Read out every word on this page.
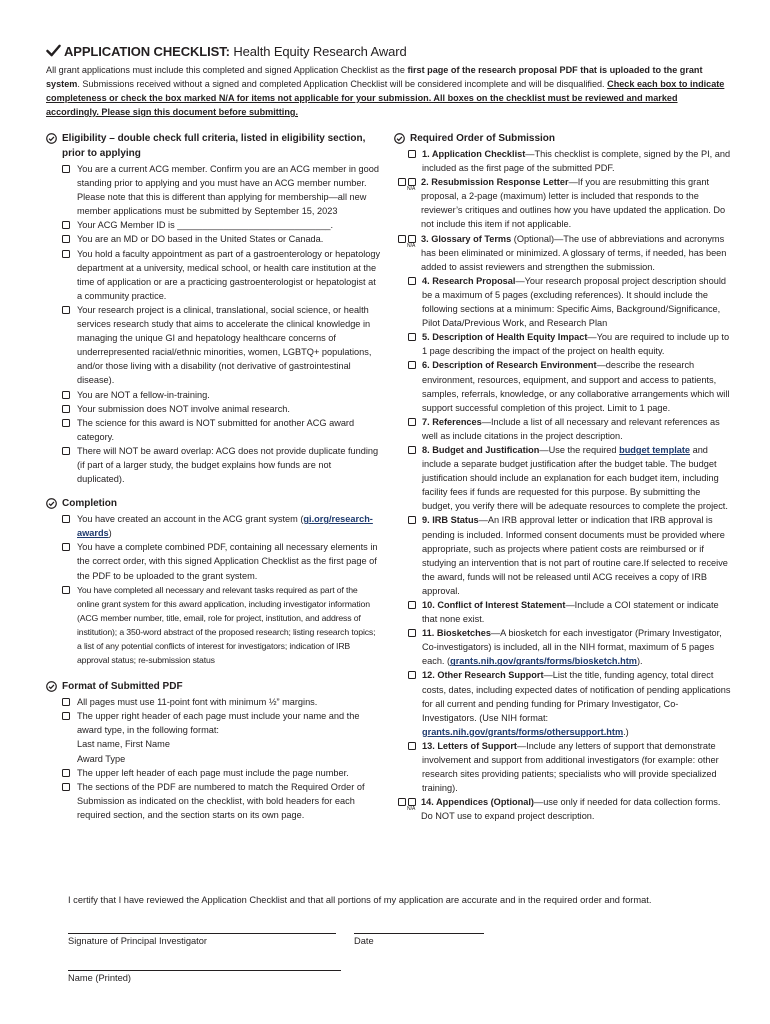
APPLICATION CHECKLIST: Health Equity Research Award
All grant applications must include this completed and signed Application Checklist as the first page of the research proposal PDF that is uploaded to the grant system. Submissions received without a signed and completed Application Checklist will be considered incomplete and will be disqualified. Check each box to indicate completeness or check the box marked N/A for items not applicable for your submission. All boxes on the checklist must be reviewed and marked accordingly. Please sign this document before submitting.
Eligibility – double check full criteria, listed in eligibility section, prior to applying
You are a current ACG member. Confirm you are an ACG member in good standing prior to applying and you must have an ACG member number. Please note that this is different than applying for membership—all new member applications must be submitted by September 15, 2023
Your ACG Member ID is ______________________________.
You are an MD or DO based in the United States or Canada.
You hold a faculty appointment as part of a gastroenterology or hepatology department at a university, medical school, or health care institution at the time of application or are a practicing gastroenterologist or hepatologist at a community practice.
Your research project is a clinical, translational, social science, or health services research study that aims to accelerate the clinical knowledge in managing the unique GI and hepatology healthcare concerns of underrepresented racial/ethnic minorities, women, LGBTQ+ populations, and/or those living with a disability (not derivative of gastrointestinal disease).
You are NOT a fellow-in-training.
Your submission does NOT involve animal research.
The science for this award is NOT submitted for another ACG award category.
There will NOT be award overlap: ACG does not provide duplicate funding (if part of a larger study, the budget explains how funds are not duplicated).
Completion
You have created an account in the ACG grant system (gi.org/research-awards)
You have a complete combined PDF, containing all necessary elements in the correct order, with this signed Application Checklist as the first page of the PDF to be uploaded to the grant system.
You have completed all necessary and relevant tasks required as part of the online grant system for this award application, including investigator information (ACG member number, title, email, role for project, institution, and address of institution); a 350-word abstract of the proposed research; listing research topics; a list of any potential conflicts of interest for investigators; indication of IRB approval status; re-submission status
Format of Submitted PDF
All pages must use 11-point font with minimum ½” margins.
The upper right header of each page must include your name and the award type, in the following format:
Last name, First Name
Award Type
The upper left header of each page must include the page number.
The sections of the PDF are numbered to match the Required Order of Submission as indicated on the checklist, with bold headers for each required section, and the section starts on its own page.
Required Order of Submission
1. Application Checklist—This checklist is complete, signed by the PI, and included as the first page of the submitted PDF.
N/A
2. Resubmission Response Letter—If you are resubmitting this grant proposal, a 2-page (maximum) letter is included that responds to the reviewer’s critiques and outlines how you have updated the application. Do not include this item if not applicable.
N/A
3. Glossary of Terms (Optional)—The use of abbreviations and acronyms has been eliminated or minimized. A glossary of terms, if needed, has been added to assist reviewers and strengthen the submission.
4. Research Proposal—Your research proposal project description should be a maximum of 5 pages (excluding references). It should include the following sections at a minimum: Specific Aims, Background/Significance, Pilot Data/Previous Work, and Research Plan
5. Description of Health Equity Impact—You are required to include up to 1 page describing the impact of the project on health equity.
6. Description of Research Environment—describe the research environment, resources, equipment, and support and access to patients, samples, referrals, knowledge, or any collaborative arrangements which will support successful completion of this project. Limit to 1 page.
7. References—Include a list of all necessary and relevant references as well as include citations in the project description.
8. Budget and Justification—Use the required budget template and include a separate budget justification after the budget table. The budget justification should include an explanation for each budget item, including facility fees if funds are requested for this purpose. By submitting the budget, you verify there will be adequate resources to complete the project.
9. IRB Status—An IRB approval letter or indication that IRB approval is pending is included. Informed consent documents must be provided where appropriate, such as projects where patient costs are reimbursed or if studying an intervention that is not part of routine care.If selected to receive the award, funds will not be released until ACG receives a copy of IRB approval.
10. Conflict of Interest Statement—Include a COI statement or indicate that none exist.
11. Biosketches—A biosketch for each investigator (Primary Investigator, Co-investigators) is included, all in the NIH format, maximum of 5 pages each. (grants.nih.gov/grants/forms/biosketch.htm).
12. Other Research Support—List the title, funding agency, total direct costs, dates, including expected dates of notification of pending applications for all current and pending funding for Primary Investigator, Co-Investigators. (Use NIH format: grants.nih.gov/grants/forms/othersupport.htm.)
13. Letters of Support—Include any letters of support that demonstrate involvement and support from additional investigators (for example: other research sites providing patients; specialists who will provide specialized training).
N/A
14. Appendices (Optional)—use only if needed for data collection forms. Do NOT use to expand project description.
I certify that I have reviewed the Application Checklist and that all portions of my application are accurate and in the required order and format.
Signature of Principal Investigator	Date
Name (Printed)
